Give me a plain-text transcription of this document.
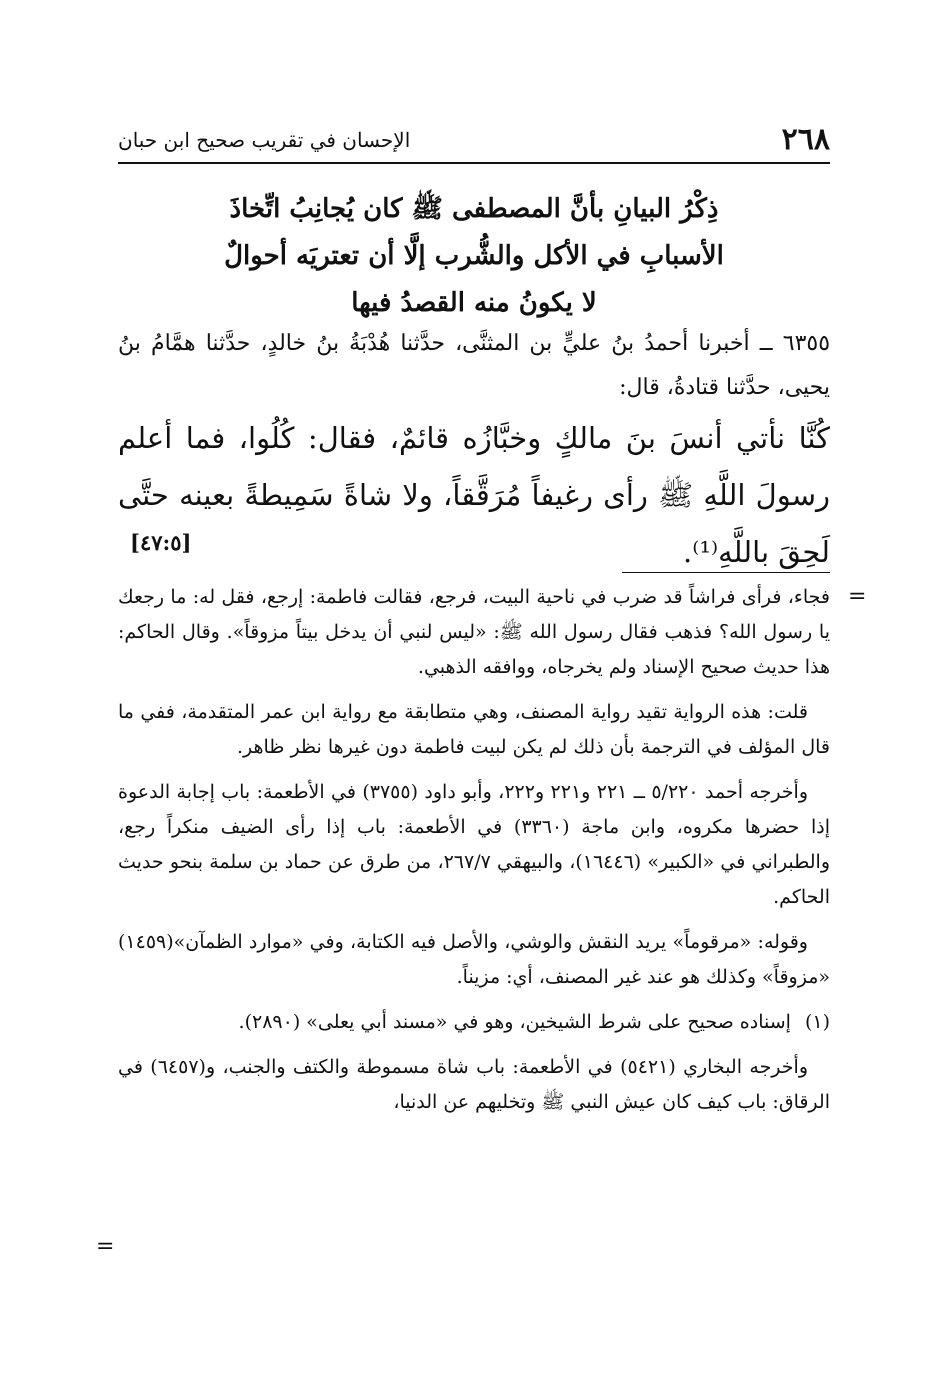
٢٦٨
الإحسان في تقريب صحيح ابن حبان
ذِكْرُ البيانِ بأنَّ المصطفى ﷺ كان يُجانِبُ اتِّخاذَ
الأسبابِ في الأكل والشُّرب إلَّا أن تعتريَه أحوالٌ
لا يكونُ منه القصدُ فيها
٦٣٥٥ ــ أخبرنا أحمدُ بنُ عليٍّ بن المثنَّى، حدَّثنا هُدْبَةُ بنُ خالدٍ، حدَّثنا همَّامُ بنُ يحيى، حدَّثنا قتادةُ، قال:
كُنَّا نأتي أنسَ بنَ مالكٍ وخبَّازُه قائمٌ، فقال: كُلُوا، فما أعلم رسولَ اللَّهِ ﷺ رأى رغيفاً مُرَقَّقاً، ولا شاةً سَمِيطةً بعينه حتَّى لَحِقَ باللَّهِ⁽¹⁾.
[٤٧:٥]
=

فجاء، فرأى فراشاً قد ضرب في ناحية البيت، فرجع، فقالت فاطمة: إرجع، فقل له: ما رجعك يا رسول الله؟ فذهب فقال رسول الله ﷺ: «ليس لنبي أن يدخل بيتاً مزوقاً». وقال الحاكم: هذا حديث صحيح الإسناد ولم يخرجاه، ووافقه الذهبي.

قلت: هذه الرواية تقيد رواية المصنف، وهي متطابقة مع رواية ابن عمر المتقدمة، ففي ما قال المؤلف في الترجمة بأن ذلك لم يكن لبيت فاطمة دون غيرها نظر ظاهر.

وأخرجه أحمد ٥/٢٢٠ ــ ٢٢١ و٢٢١ و٢٢٢، وأبو داود (٣٧٥٥) في الأطعمة: باب إجابة الدعوة إذا حضرها مكروه، وابن ماجة (٣٣٦٠) في الأطعمة: باب إذا رأى الضيف منكراً رجع، والطبراني في «الكبير» (١٦٤٤٦)، والبيهقي ٢٦٧/٧، من طرق عن حماد بن سلمة بنحو حديث الحاكم.

وقوله: «مرقوماً» يريد النقش والوشي، والأصل فيه الكتابة، وفي «موارد الظمآن»(١٤٥٩) «مزوقاً» وكذلك هو عند غير المصنف، أي: مزيناً.

(١)إسناده صحيح على شرط الشيخين، وهو في «مسند أبي يعلى» (٢٨٩٠).

وأخرجه البخاري (٥٤٢١) في الأطعمة: باب شاة مسموطة والكتف والجنب، و(٦٤٥٧) في الرقاق: باب كيف كان عيش النبي ﷺ وتخليهم عن الدنيا،

=
